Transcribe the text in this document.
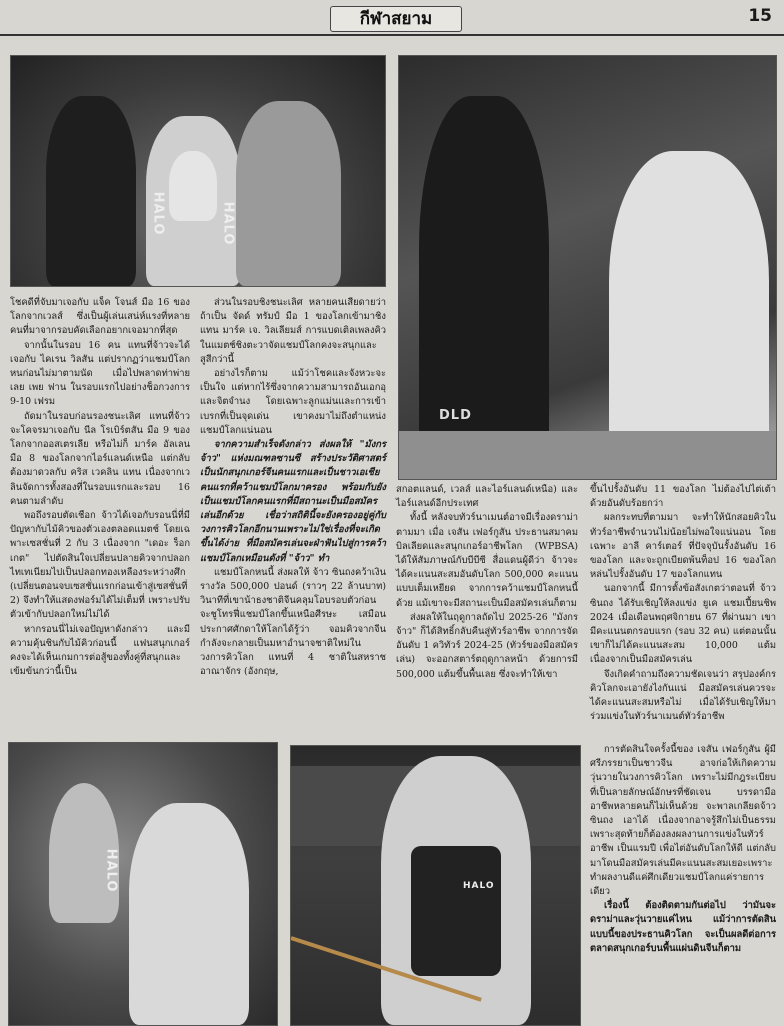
กีฬาสยาม	15
HALO	HALO
DLD
HALO	HALO

โชคดีที่จับมาเจอกับ แจ็ค โจนส์ มือ 16 ของโลกจากเวลส์ ซึ่งเป็นผู้เล่นเสน่ห์แรงที่หลายคนที่มาจากรอบคัดเลือกอยากเจอมากที่สุด

จากนั้นในรอบ 16 คน แทนที่จ้าวจะได้เจอกับ ไคเรน วิลสัน แต่ปรากฏว่าแชมป์โลกหนก่อนไม่มาตามนัด เมื่อไปพลาดท่าพ่าย เลย เพย ฟาน ในรอบแรกไปอย่างช็อกวงการ 9-10 เฟรม

ถัดมาในรอบก่อนรองชนะเลิศ แทนที่จ้าวจะโคจรมาเจอกับ นีล โรเบิร์ตสัน มือ 9 ของโลกจากออสเตรเลีย หรือไม่ก็ มาร์ค อัลเลน มือ 8 ของโลกจากไอร์แลนด์เหนือ แต่กลับต้องมาดวลกับ คริส เวคลิน แทน เนื่องจากเวลินจัดการทั้งสองที่ในรอบแรกและรอบ 16 คนตามลำดับ

พอถึงรอบตัดเชือก จ้าวได้เจอกับรอนนี่ที่มีปัญหากับไม้คิวของตัวเองตลอดแมตช์ โดยเฉพาะเซสชั่นที่ 2 กับ 3 เนื่องจาก "เดอะ ร็อกเกต" ไปตัดสินใจเปลี่ยนปลายคิวจากปลอกไทเทเนียมไปเป็นปลอกทองเหลืองระหว่างศึก (เปลี่ยนตอนจบเซสชั่นแรกก่อนเข้าสู่เซสชั่นที่ 2) จึงทำให้แสดงฟอร์มได้ไม่เต็มที่ เพราะปรับตัวเข้ากับปลอกใหม่ไม่ได้

หากรอนนี่ไม่เจอปัญหาดังกล่าว และมีความคุ้นชินกับไม้คิวก่อนนี้ แฟนสนุกเกอร์คงจะได้เห็นเกมการต่อสู้ของทั้งคู่ที่สนุกและเข้มข้นกว่านี้เป็น

ส่วนในรอบชิงชนะเลิศ หลายคนเสียดายว่า ถ้าเป็น จัดด์ ทรัมป์ มือ 1 ของโลกเข้ามาชิงแทน มาร์ค เจ. วิลเลียมส์ การแบดเติลเพลงคิวในแมตช์ชิงตะวาจัดแชมป์โลกคงจะสนุกและสูสีกว่านี้

อย่างไรก็ตาม แม้ว่าโชคและจังหวะจะเป็นใจ แต่หากไร้ซึ่งจากความสามารถอันเอกอุและจิตจำนง โดยเฉพาะลูกแม่นและการเข้าเบรกที่เป็นจุดเด่น เขาคงมาไม่ถึงตำแหน่งแชมป์โลกแน่นอน

จากความสำเร็จดังกล่าว ส่งผลให้ "มังกรจ้าว" แห่งมณฑลซานซี สร้างประวัติศาสตร์เป็นนักสนุกเกอร์จีนคนแรกและเป็นชาวเอเชียคนแรกที่คว้าแชมป์โลกมาครอง พร้อมกับยังเป็นแชมป์โลกคนแรกที่มีสถานะเป็นมือสมัครเล่นอีกด้วย เชื่อว่าสถิตินี้จะยังครองอยู่คู่กับวงการคิวโลกอีกนานเพราะไม่ใช่เรื่องที่จะเกิดขึ้นได้ง่าย ที่มือสมัครเล่นจะฝ่าฟันไปสู่การคว้าแชมป์โลกเหมือนดังที่ "จ้าว" ทำ

แชมป์โลกหนนี้ ส่งผลให้ จ้าว ซินถงคว้าเงินรางวัล 500,000 ปอนด์ (ราวๆ 22 ล้านบาท) วินาทีที่เขาน้าธงชาติจีนคลุมโอบรอบตัวก่อนจะชูโทรฟี่แชมป์โลกขึ้นเหนือศีรษะ เสมือนประกาศศักดาให้โลกได้รู้ว่า จอมคิวจากจีน กำลังจะกลายเป็นมหาอำนาจชาติใหม่ในวงการคิวโลก แทนที่ 4 ชาติในสหราชอาณาจักร (อังกฤษ,

สกอตแลนด์, เวลส์ และไอร์แลนด์เหนือ) และไอร์แลนด์อีกประเทศ

ทั้งนี้ หลังจบทัวร์นาเมนต์อาจมีเรื่องดราม่าตามมา เมื่อ เจสัน เฟอร์กูสัน ประธานสมาคมบิลเลียดและสนุกเกอร์อาชีพโลก (WPBSA) ได้ให้สัมภาษณ์กับบีบีซี สื่อแดนผู้ดีว่า จ้าวจะได้คะแนนสะสมอันดับโลก 500,000 คะแนนแบบเต็มเหยียด จากการคว้าแชมป์โลกหนนี้ด้วย แม้เขาจะมีสถานะเป็นมือสมัครเล่นก็ตาม

ส่งผลให้ในฤดูกาลถัดไป 2025-26 "มังกรจ้าว" ก็ได้สิทธิ์กลับคืนสู่ทัวร์อาชีพ จากการจัดอันดับ 1 ควิทัวร์ 2024-25 (ทัวร์ของมือสมัครเล่น) จะออกสตาร์ตฤดูกาลหน้า ด้วยการมี 500,000 แต้มขึ้นพื้นเลย ซึ่งจะทำให้เขา

ขึ้นไปรั้งอันดับ 11 ของโลก ไม่ต้องไปไต่เต้าด้วยอันดับร้อยกว่า

ผลกระทบที่ตามมา จะทำให้นักสอยคิวในทัวร์อาชีพจำนวนไม่น้อยไม่พอใจแน่นอน โดยเฉพาะ อาลี คาร์เตอร์ ที่ปัจจุบันรั้งอันดับ 16 ของโลก และจะถูกเบียดพ้นท็อป 16 ของโลกหล่นไปรั้งอันดับ 17 ของโลกแทน

นอกจากนี้ มีการตั้งข้อสังเกตว่าตอนที่ จ้าว ซินถง ได้รับเชิญให้ลงแข่ง ยูเค แชมเปี้ยนชิพ 2024 เมื่อเดือนพฤศจิกายน 67 ที่ผ่านมา เขามีคะแนนตกรอบแรก (รอบ 32 คน) แต่ตอนนั้นเขาก็ไม่ได้คะแนนสะสม 10,000 แต้ม เนื่องจากเป็นมือสมัครเล่น

จึงเกิดคำถามถึงความชัดเจนว่า สรุปองค์กรคิวโลกจะเอายังไงกันแน่ มือสมัครเล่นควรจะได้คะแนนสะสมหรือไม่ เมื่อได้รับเชิญให้มาร่วมแข่งในทัวร์นาเมนต์ทัวร์อาชีพ

การตัดสินใจครั้งนี้ของ เจสัน เฟอร์กูสัน ผู้มีศรีภรรยาเป็นชาวจีน อาจก่อให้เกิดความวุ่นวายในวงการคิวโลก เพราะไม่มีกฎระเบียบที่เป็นลายลักษณ์อักษรที่ชัดเจน บรรดามืออาชีพหลายคนก็ไม่เห็นด้วย จะพาลเกลียดจ้าว ซินถง เอาได้ เนื่องจากอาจรู้สึกไม่เป็นธรรมเพราะสุดท้ายก็ต้องลงผลงานการแข่งในทัวร์อาชีพ เป็นแรมปี เพื่อไต่อันดับโลกให้ดี แต่กลับมาโดนมือสมัครเล่นมีคะแนนสะสมเยอะเพราะทำผลงานดีแค่ศึกเดียวแชมป์โลกแค่รายการเดียว

เรื่องนี้ ต้องติดตามกันต่อไป ว่ามันจะดราม่าและวุ่นวายแค่ไหน แม้ว่าการตัดสินแบบนี้ของประธานคิวโลก จะเป็นผลดีต่อการตลาดสนุกเกอร์บนพื้นแผ่นดินจีนก็ตาม
